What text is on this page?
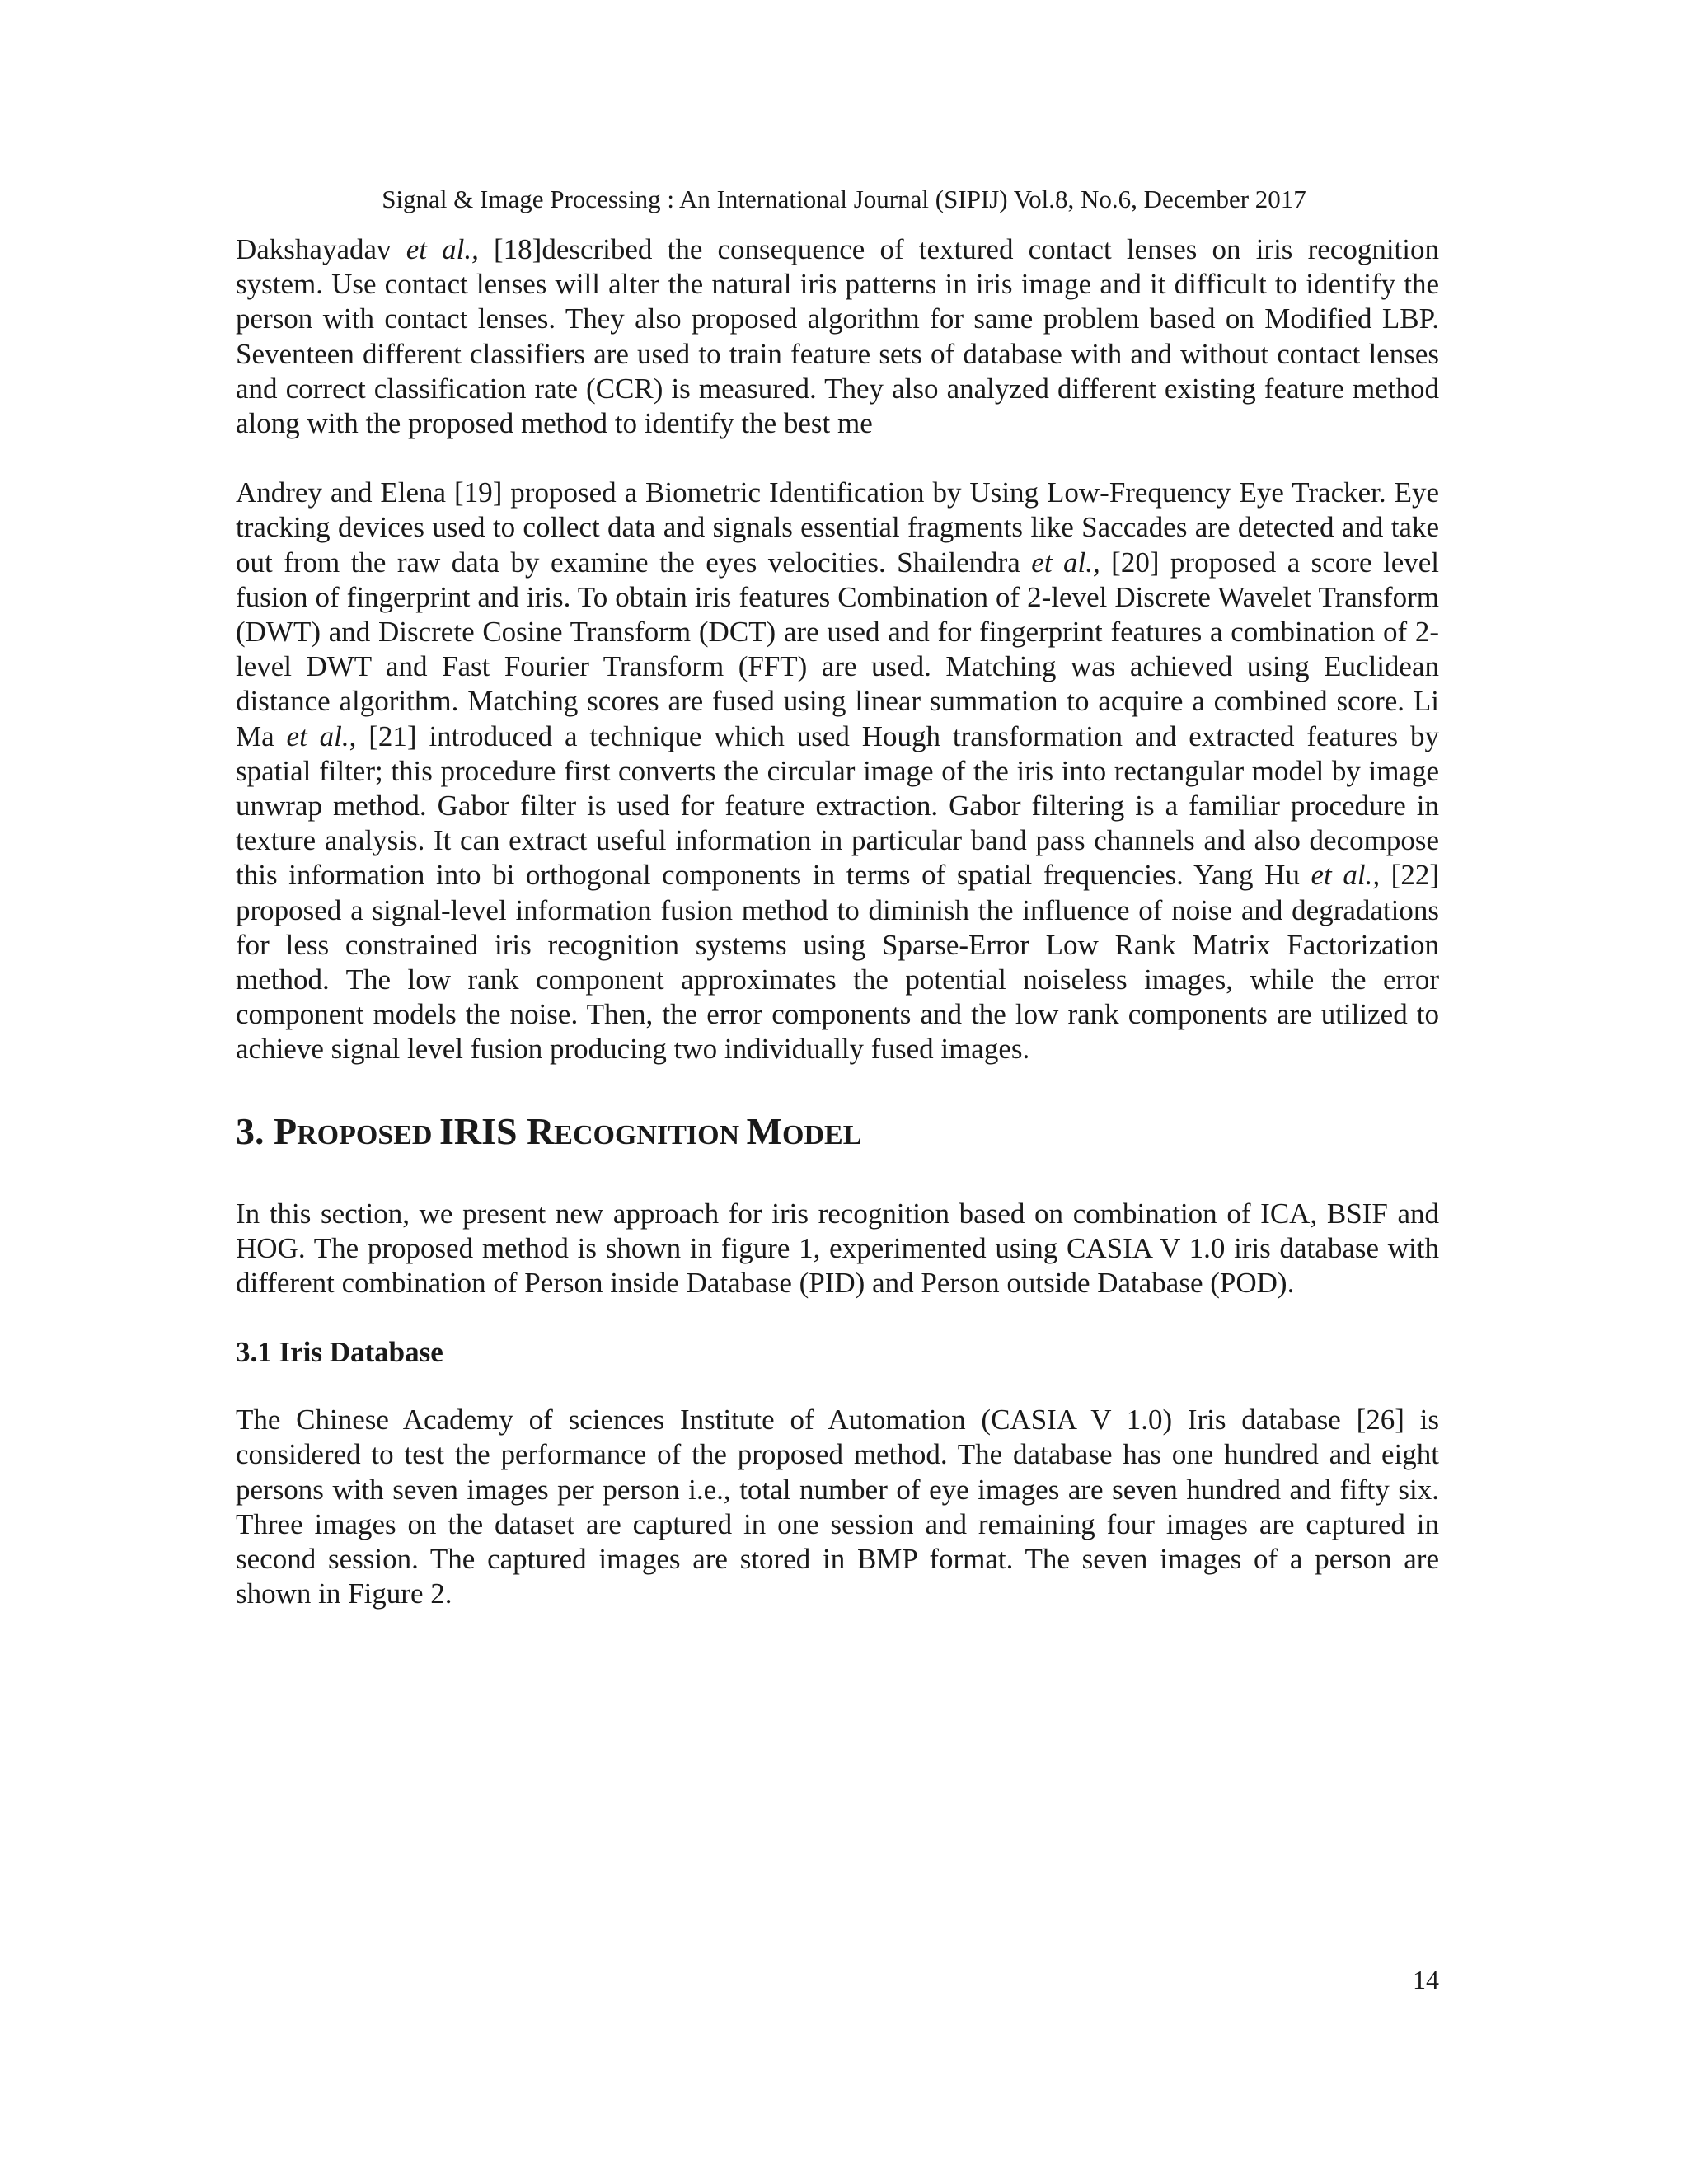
Signal & Image Processing : An International Journal (SIPIJ) Vol.8, No.6, December 2017

Dakshayadav et al., [18]described the consequence of textured contact lenses on iris recognition system. Use contact lenses will alter the natural iris patterns in iris image and it difficult to identify the person with contact lenses. They also proposed algorithm for same problem based on Modified LBP. Seventeen different classifiers are used to train feature sets of database with and without contact lenses and correct classification rate (CCR) is measured. They also analyzed different existing feature method along with the proposed method to identify the best me

Andrey and Elena [19] proposed a Biometric Identification by Using Low-Frequency Eye Tracker. Eye tracking devices used to collect data and signals essential fragments like Saccades are detected and take out from the raw data by examine the eyes velocities. Shailendra et al., [20] proposed a score level fusion of fingerprint and iris. To obtain iris features Combination of 2-level Discrete Wavelet Transform (DWT) and Discrete Cosine Transform (DCT) are used and for fingerprint features a combination of 2-level DWT and Fast Fourier Transform (FFT) are used. Matching was achieved using Euclidean distance algorithm. Matching scores are fused using linear summation to acquire a combined score. Li Ma et al., [21] introduced a technique which used Hough transformation and extracted features by spatial filter; this procedure first converts the circular image of the iris into rectangular model by image unwrap method. Gabor filter is used for feature extraction. Gabor filtering is a familiar procedure in texture analysis. It can extract useful information in particular band pass channels and also decompose this information into bi orthogonal components in terms of spatial frequencies. Yang Hu et al., [22] proposed a signal-level information fusion method to diminish the influence of noise and degradations for less constrained iris recognition systems using Sparse-Error Low Rank Matrix Factorization method. The low rank component approximates the potential noiseless images, while the error component models the noise. Then, the error components and the low rank components are utilized to achieve signal level fusion producing two individually fused images.

3. PROPOSED IRIS RECOGNITION MODEL

In this section, we present new approach for iris recognition based on combination of ICA, BSIF and HOG. The proposed method is shown in figure 1, experimented using CASIA V 1.0 iris database with different combination of Person inside Database (PID) and Person outside Database (POD).

3.1 Iris Database

The Chinese Academy of sciences Institute of Automation (CASIA V 1.0) Iris database [26] is considered to test the performance of the proposed method. The database has one hundred and eight persons with seven images per person i.e., total number of eye images are seven hundred and fifty six. Three images on the dataset are captured in one session and remaining four images are captured in second session. The captured images are stored in BMP format. The seven images of a person are shown in Figure 2.

14
